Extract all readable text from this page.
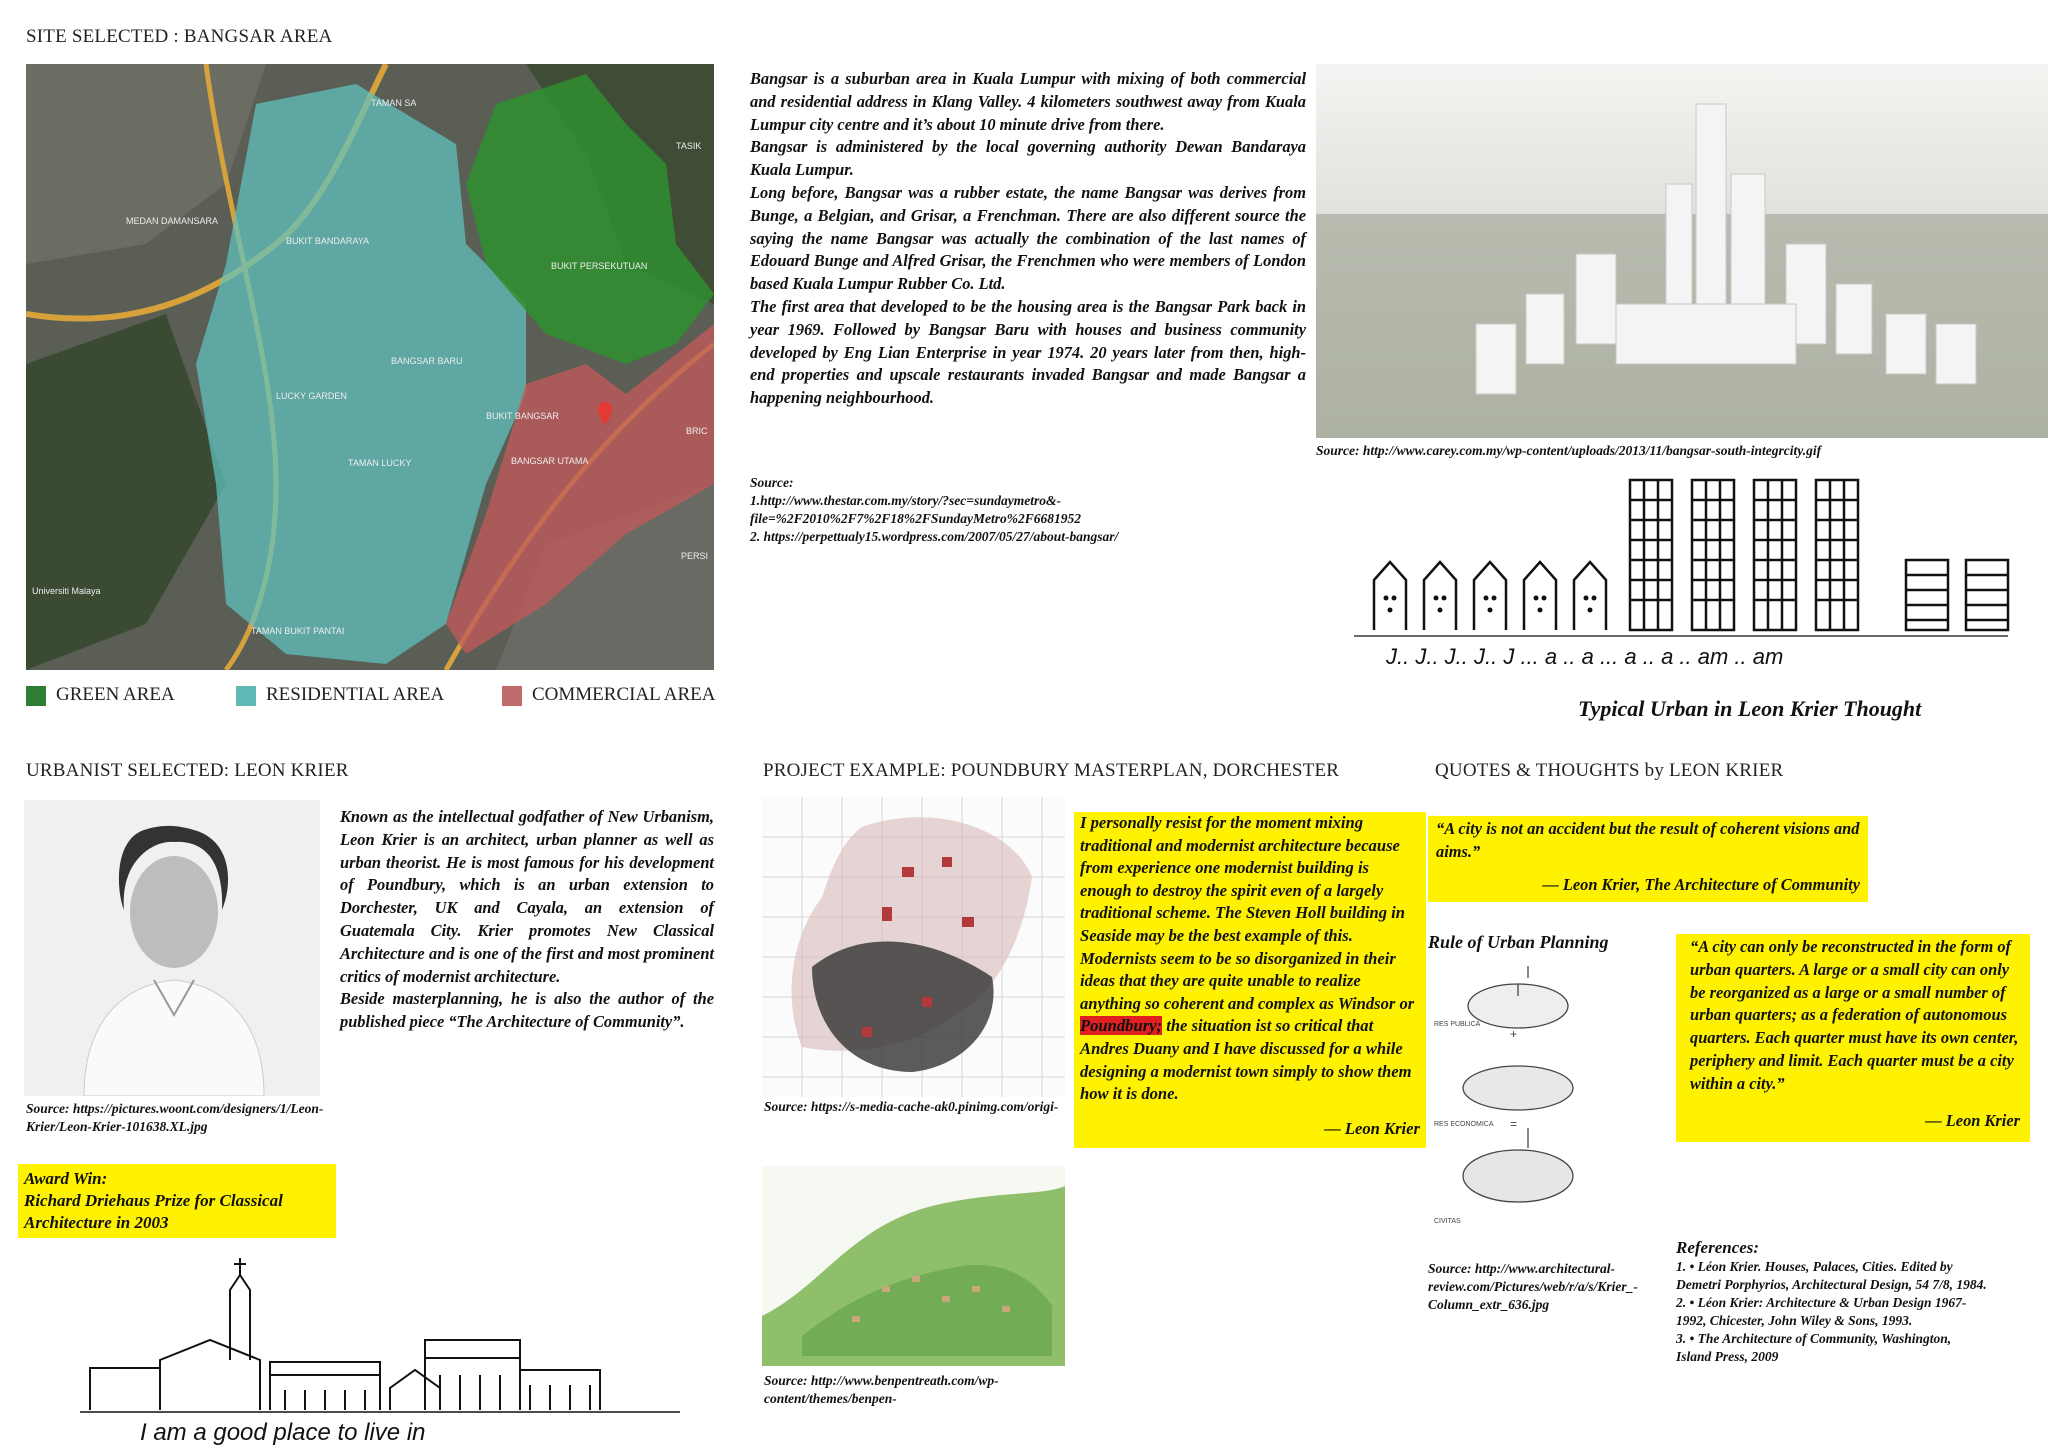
SITE SELECTED : BANGSAR AREA
TAMAN SA
TASIK
MEDAN DAMANSARA
BUKIT BANDARAYA
BUKIT PERSEKUTUAN
BANGSAR BARU
LUCKY GARDEN
BUKIT BANGSAR
TAMAN LUCKY	BANGSAR UTAMA
Universiti Malaya
TAMAN BUKIT PANTAI
BRIC
PERSI
GREEN AREA	RESIDENTIAL AREA	COMMERCIAL AREA

Bangsar is a suburban area in Kuala Lumpur with mixing of both commercial and residential address in Klang Valley. 4 kilometers southwest away from Kuala Lumpur city centre and it’s about 10 minute drive from there.

Bangsar is administered by the local governing authority Dewan Bandaraya Kuala Lumpur.

Long before, Bangsar was a rubber estate, the name Bangsar was derives from Bunge, a Belgian, and Grisar, a Frenchman. There are also different source the saying the name Bangsar was actually the combination of the last names of Edouard Bunge and Alfred Grisar, the Frenchmen who were members of London based Kuala Lumpur Rubber Co. Ltd.

The first area that developed to be the housing area is the Bangsar Park back in year 1969. Followed by Bangsar Baru with houses and business community developed by Eng Lian Enterprise in year 1974. 20 years later from then, high-end properties and upscale restaurants invaded Bangsar and made Bangsar a happening neighbourhood.

Source:
1.http://www.thestar.com.my/story/?sec=sundaymetro&-file=%2F2010%2F7%2F18%2FSundayMetro%2F6681952
2. https://perpettualy15.wordpress.com/2007/05/27/about-bangsar/
Source: http://www.carey.com.my/wp-content/uploads/2013/11/bangsar-south-integrcity.gif
J.. J.. J.. J.. J ... a .. a ... a .. a .. am .. am
Typical Urban in Leon Krier Thought
URBANIST SELECTED: LEON KRIER

Known as the intellectual godfather of New Urbanism, Leon Krier is an architect, urban planner as well as urban theorist. He is most famous for his development of Poundbury, which is an urban extension to Dorchester, UK and Cayala, an extension of Guatemala City. Krier promotes New Classical Architecture and is one of the first and most prominent critics of modernist architecture.

Beside masterplanning, he is also the author of the published piece “The Architecture of Community”.

Source: https://pictures.woont.com/designers/1/Leon-Krier/Leon-Krier-101638.XL.jpg
Award Win:
Richard Driehaus Prize for Classical Architecture in 2003
I am a good place to live in
PROJECT EXAMPLE: POUNDBURY MASTERPLAN, DORCHESTER
Source: https://s-media-cache-ak0.pinimg.com/origi-
Source: http://www.benpentreath.com/wp-content/themes/benpen-
I personally resist for the moment mixing traditional and modernist architecture because from experience one modernist building is enough to destroy the spirit even of a largely traditional scheme. The Steven Holl building in Seaside may be the best example of this. Modernists seem to be so disorganized in their ideas that they are quite unable to realize anything so coherent and complex as Windsor or Poundbury; the situation ist so critical that Andres Duany and I have discussed for a while designing a modernist town simply to show them how it is done.
— Leon Krier
QUOTES & THOUGHTS by LEON KRIER
“A city is not an accident but the result of coherent visions and aims.”
— Leon Krier, The Architecture of Community
Rule of Urban Planning
+
=
RES PUBLICA
RES ECONOMICA
CIVITAS
Source: http://www.architectural-review.com/Pictures/web/r/a/s/Krier_-Column_extr_636.jpg
“A city can only be reconstructed in the form of urban quarters. A large or a small city can only be reorganized as a large or a small number of urban quarters; as a federation of autonomous quarters. Each quarter must have its own center, periphery and limit. Each quarter must be a city within a city.”
— Leon Krier
References:
1. • Léon Krier. Houses, Palaces, Cities. Edited by Demetri Porphyrios, Architectural Design, 54 7/8, 1984.
2. • Léon Krier: Architecture & Urban Design 1967-1992, Chicester, John Wiley & Sons, 1993.
3. • The Architecture of Community, Washington, Island Press, 2009
